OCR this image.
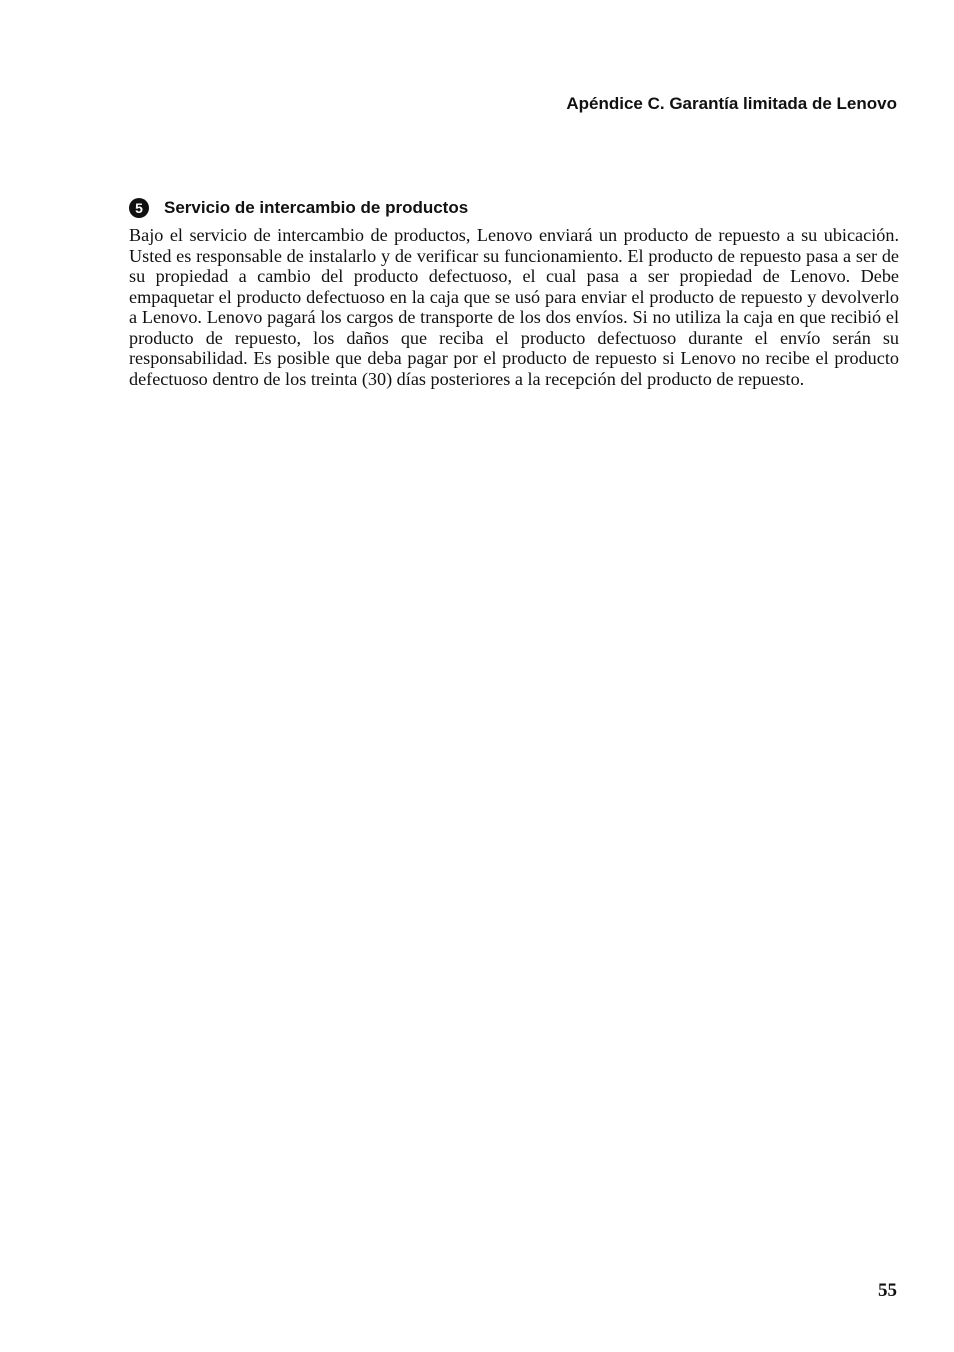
Apéndice C. Garantía limitada de Lenovo
5	Servicio de intercambio de productos

Bajo el servicio de intercambio de productos, Lenovo enviará un producto de repuesto a su ubicación. Usted es responsable de instalarlo y de verificar su funcionamiento. El producto de repuesto pasa a ser de su propiedad a cambio del producto defectuoso, el cual pasa a ser propiedad de Lenovo. Debe empaquetar el producto defectuoso en la caja que se usó para enviar el producto de repuesto y devolverlo a Lenovo. Lenovo pagará los cargos de transporte de los dos envíos. Si no utiliza la caja en que recibió el producto de repuesto, los daños que reciba el producto defectuoso durante el envío serán su responsabilidad. Es posible que deba pagar por el producto de repuesto si Lenovo no recibe el producto defectuoso dentro de los treinta (30) días posteriores a la recepción del producto de repuesto.

55
